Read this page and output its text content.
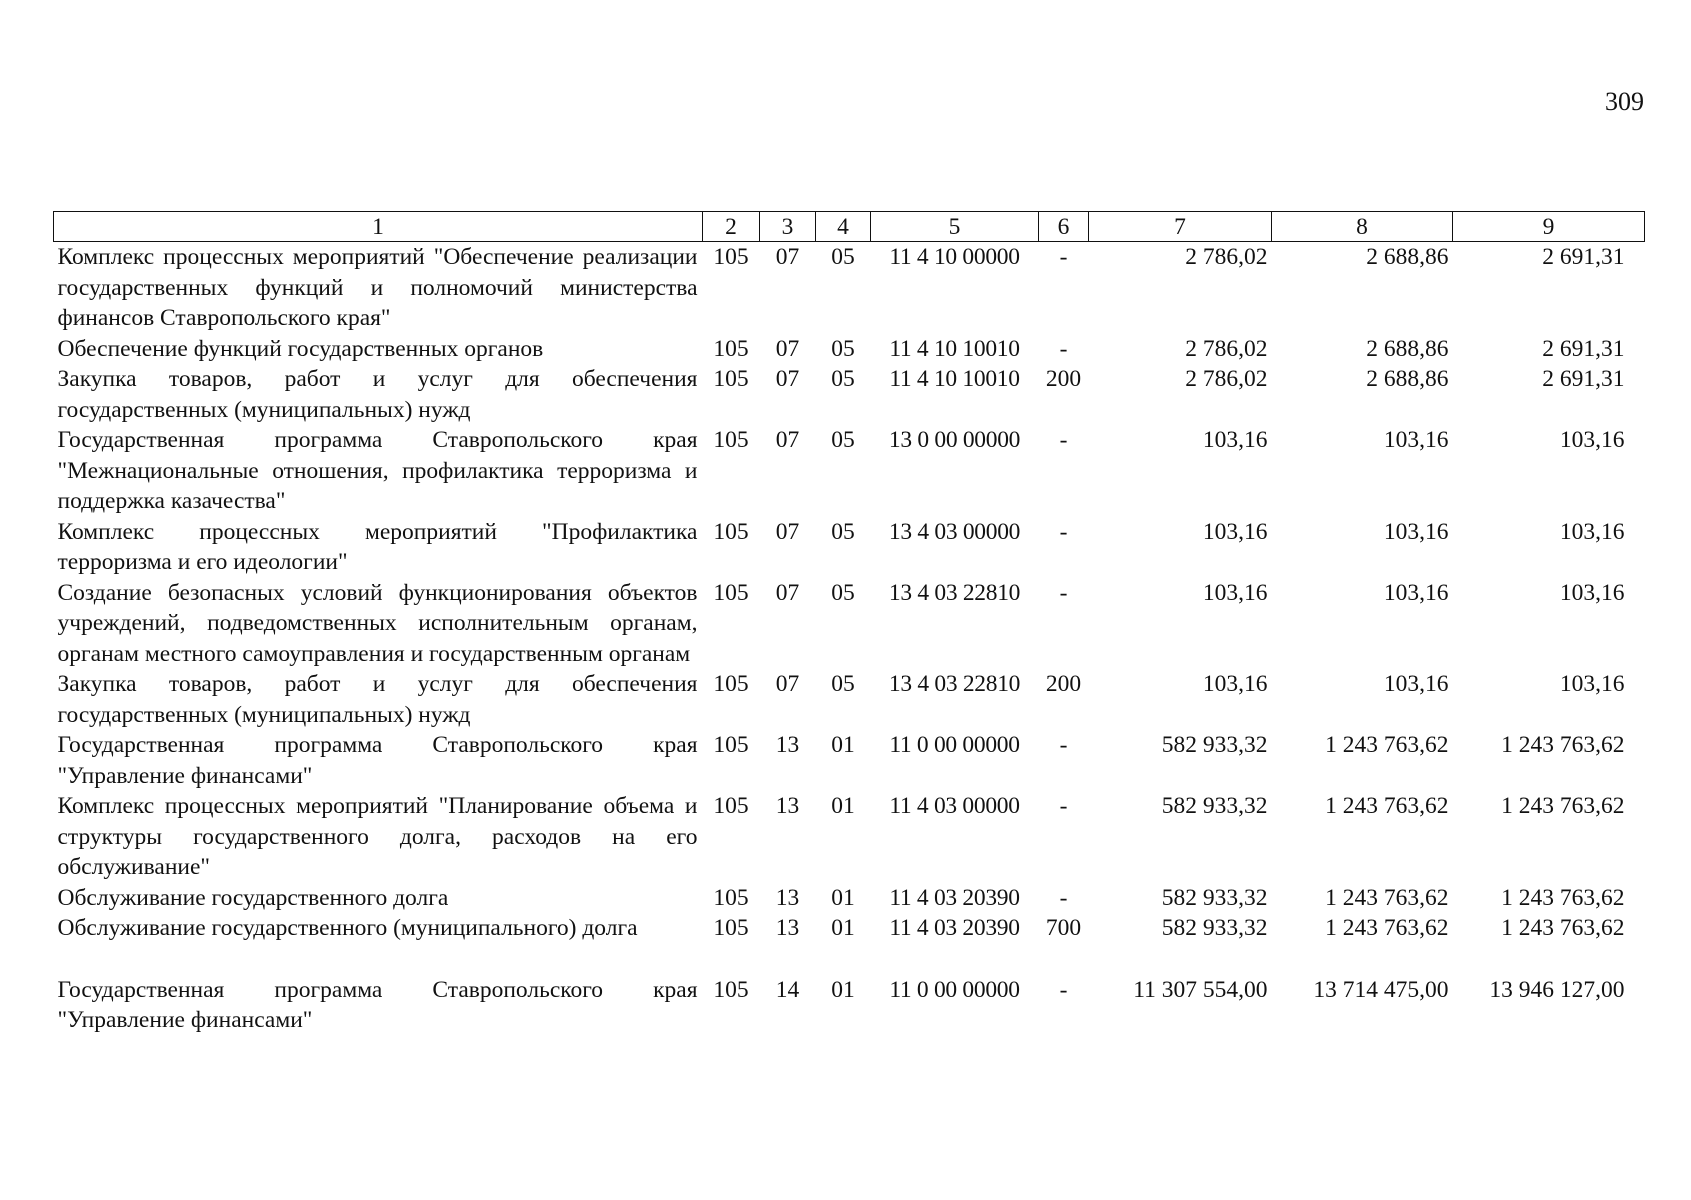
309
1	2	3	4	5	6	7	8	9
Комплекс процессных мероприятий "Обеспечение реализации государственных функций и полномочий министерства финансов Ставропольского края"	105	07	05	11 4 10 00000	-	2 786,02	2 688,86	2 691,31
Обеспечение функций государственных органов	105	07	05	11 4 10 10010	-	2 786,02	2 688,86	2 691,31
Закупка товаров, работ и услуг для обеспечения государственных (муниципальных) нужд	105	07	05	11 4 10 10010	200	2 786,02	2 688,86	2 691,31
Государственная программа Ставропольского края "Межнациональные отношения, профилактика терроризма и поддержка казачества"	105	07	05	13 0 00 00000	-	103,16	103,16	103,16
Комплекс процессных мероприятий "Профилактика терроризма и его идеологии"	105	07	05	13 4 03 00000	-	103,16	103,16	103,16
Создание безопасных условий функционирования объектов учреждений, подведомственных исполнительным органам, органам местного самоуправления и государственным органам	105	07	05	13 4 03 22810	-	103,16	103,16	103,16
Закупка товаров, работ и услуг для обеспечения государственных (муниципальных) нужд	105	07	05	13 4 03 22810	200	103,16	103,16	103,16
Государственная программа Ставропольского края "Управление финансами"	105	13	01	11 0 00 00000	-	582 933,32	1 243 763,62	1 243 763,62
Комплекс процессных мероприятий "Планирование объема и структуры государственного долга, расходов на его обслуживание"	105	13	01	11 4 03 00000	-	582 933,32	1 243 763,62	1 243 763,62
Обслуживание государственного долга	105	13	01	11 4 03 20390	-	582 933,32	1 243 763,62	1 243 763,62
Обслуживание государственного (муниципального) долга	105	13	01	11 4 03 20390	700	582 933,32	1 243 763,62	1 243 763,62
Государственная программа Ставропольского края "Управление финансами"	105	14	01	11 0 00 00000	-	11 307 554,00	13 714 475,00	13 946 127,00
